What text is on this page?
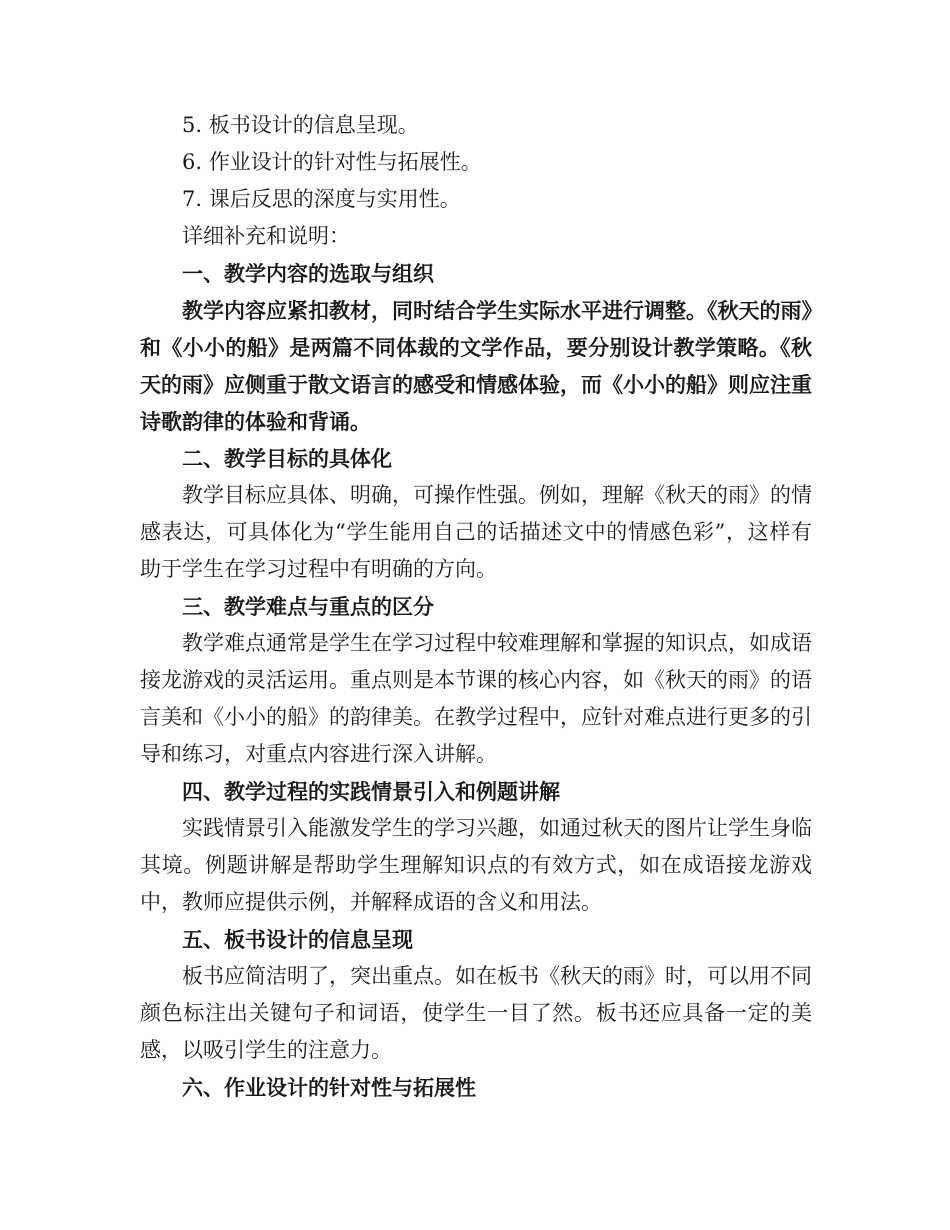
5. 板书设计的信息呈现。

6. 作业设计的针对性与拓展性。

7. 课后反思的深度与实用性。

详细补充和说明：

一、教学内容的选取与组织

教学内容应紧扣教材，同时结合学生实际水平进行调整。《秋天的雨》和《小小的船》是两篇不同体裁的文学作品，要分别设计教学策略。《秋天的雨》应侧重于散文语言的感受和情感体验，而《小小的船》则应注重诗歌韵律的体验和背诵。

二、教学目标的具体化

教学目标应具体、明确，可操作性强。例如，理解《秋天的雨》的情感表达，可具体化为“学生能用自己的话描述文中的情感色彩”，这样有助于学生在学习过程中有明确的方向。

三、教学难点与重点的区分

教学难点通常是学生在学习过程中较难理解和掌握的知识点，如成语接龙游戏的灵活运用。重点则是本节课的核心内容，如《秋天的雨》的语言美和《小小的船》的韵律美。在教学过程中，应针对难点进行更多的引导和练习，对重点内容进行深入讲解。

四、教学过程的实践情景引入和例题讲解

实践情景引入能激发学生的学习兴趣，如通过秋天的图片让学生身临其境。例题讲解是帮助学生理解知识点的有效方式，如在成语接龙游戏中，教师应提供示例，并解释成语的含义和用法。

五、板书设计的信息呈现

板书应简洁明了，突出重点。如在板书《秋天的雨》时，可以用不同颜色标注出关键句子和词语，使学生一目了然。板书还应具备一定的美感，以吸引学生的注意力。

六、作业设计的针对性与拓展性
